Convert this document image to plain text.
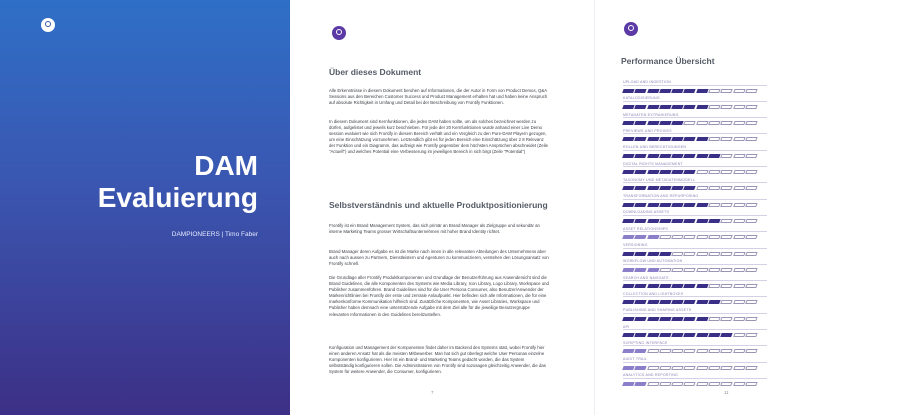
DAM
Evaluierung
DAMPIONEERS | Timo Faber
Über dieses Dokument

Alle Erkenntnisse in diesem Dokument beruhen auf Informationen, die der Autor in Form von Product Demos, Q&A Sessions aus den Bereichen Customer Success und Product Management erhalten hat und haben keine Anspruch auf absolute Richtigkeit in Umfang und Detail bei der Beschreibung von Frontify Funktionen.

In diesem Dokument sind Kernfunktionen, die jedes DAM haben sollte, um als solches bezeichnet werden zu dürfen, aufgelistet und jeweils kurz beschrieben. Für jede der 20 Kernfunktionen wurde anhand einer Live Demo session evaluiert wie sich Frontify in diesem Bereich verhält und ein Vergleich zu den Pure-DAM Playern gezogen, um eine Einschätzung vorzunehmen. Letztendlich gibt es für jeden Bereich eine Einschätzung über 2 8 Relevanz der Funktion und ein Diagramm, das aufzeigt wie Frontify gegenüber dem höchsten Ansprüchen abschneidet (Zeile "Actuell") und welches Potential eine Verbesserung im jeweiligen Bereich in sich birgt (Zeile "Potential")

Selbstverständnis und aktuelle Produktpositionierung

Frontify ist ein Brand Management System, das sich primär an Brand Manager als Zielgruppe und sekundär an interne Marketing Teams grosser Wirtschaftsunternehmen mit hoher Brand Identity richtet.

Brand Manager deren Aufgabe es ist die Marke nach innen in alle relevanten Abteilungen des Unternehmens aber auch nach aussen zu Partnern, Dienstleistern und Agenturen zu kommunizieren, verstehen den Lösungsansatz von Frontify schnell.

Die Grundlage aller Frontify Produktkomponenten und Grundlage der Benutzerführung aus Anwendersicht sind die Brand Guidelines, die alle Komponenten des Systems wie Media Library, Icon Library, Logo Library, Workspace und Publisher zusammenführen. Brand Guidelines sind für die User Persona Consumer, also Benutzer/Anwender der Markenrichtlinien bei Frontify der erste und zentrale Anlaufpunkt. Hier befinden sich alle Informationen, die für eine markenkonforme Kommunikation hilfreich sind. Zusätzliche Komponenten, wie Asset Libraries, Workspace und Publisher haben demnach eine unterstützende Aufgabe mit dem Ziel alle für die jeweilige Benutzergruppe relevanten Informationen in den Guidelines bereitzustellen.

Konfiguration und Management der Komponenten findet daher im Backend des Systems statt, wobei Frontify hier einen anderen Ansatz hat als die meisten Mitbewerber. Man hat sich gut überlegt welche User Personas einzelne Komponenten konfigurieren. Hier ist ein Brand- und Marketing Teams gedacht worden, die das System selbstständig konfigurieren sollen. Die Administratoren von Frontify sind sozusagen gleichzeitig Anwender, die das System für weitere Anwender, die Consumer, konfigurieren.

7
Performance Übersicht
UPLOAD AND INGESTION
KATALOGISIERUNG
METADATEN EXTRAHIERUNG
PREVIEWS UND PROXIES
ROLLEN UND BERECHTIGUNGEN
DIGITAL RIGHTS MANAGEMENT
TAXONOMY UND METADATENMODELL
TRANSFORMATION AND REPURPOSING
DOWNLOADING ASSETS
ASSET RELATIONSHIPS
VERSIONING
WORKFLOW UND AUTOMATION
SEARCH AND NAVIGATE
COLLECTION AND LIGHTBOXES
PUBLISHING AND SHARING ASSETS
API
SCRIPTING INTERFACE
AUDIT TRAIL
ANALYTICS AND REPORTING
11
